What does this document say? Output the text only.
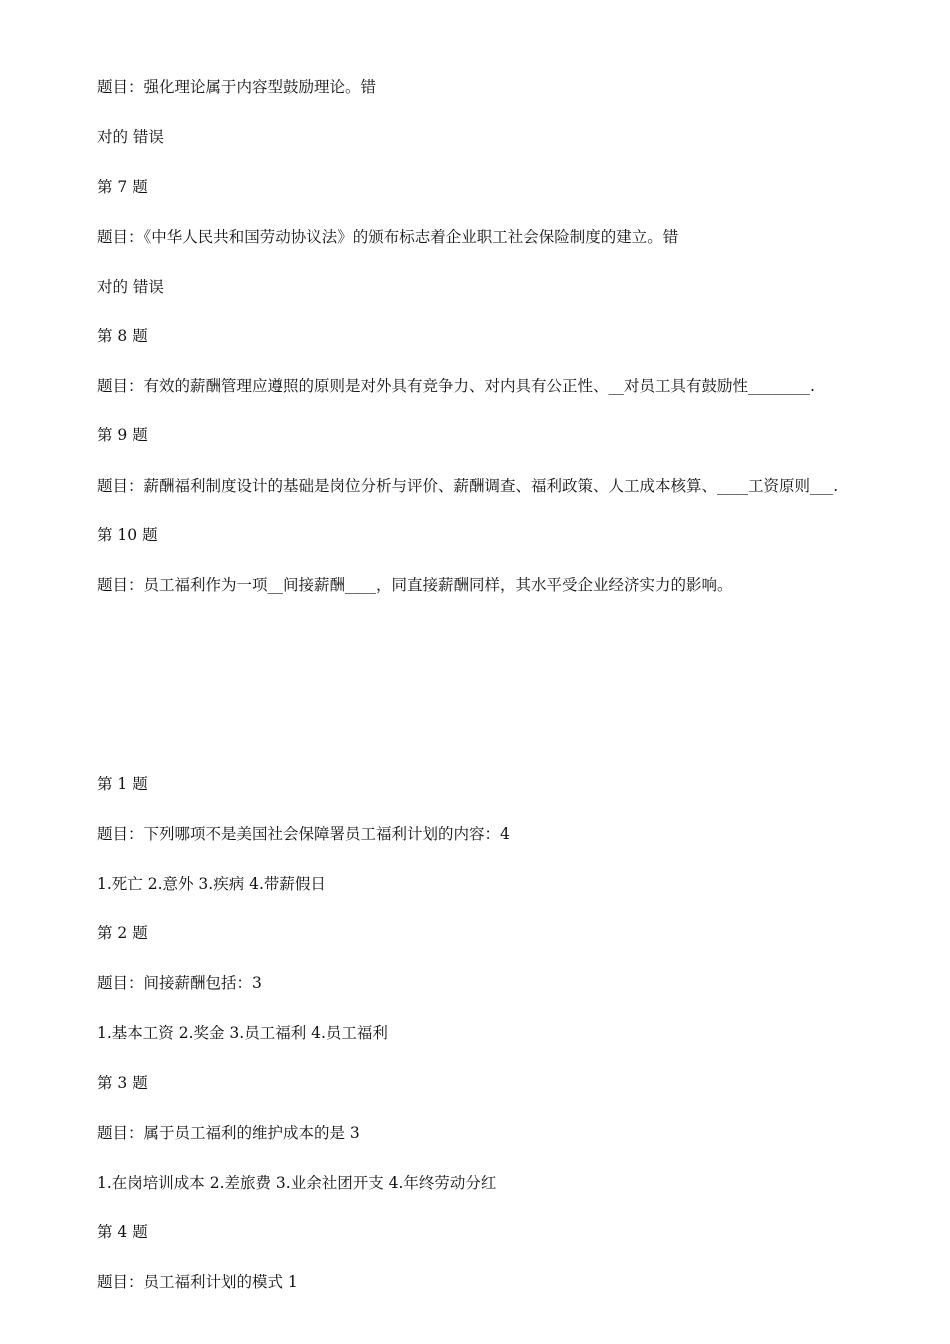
题目：强化理论属于内容型鼓励理论。错
对的 错误
第 7 题
题目：《中华人民共和国劳动协议法》的颁布标志着企业职工社会保险制度的建立。错
对的 错误
第 8 题
题目：有效的薪酬管理应遵照的原则是对外具有竞争力、对内具有公正性、__对员工具有鼓励性________.
第 9 题
题目：薪酬福利制度设计的基础是岗位分析与评价、薪酬调查、福利政策、人工成本核算、____工资原则___.
第 10 题
题目：员工福利作为一项__间接薪酬____，同直接薪酬同样，其水平受企业经济实力的影响。
第 1 题
题目：下列哪项不是美国社会保障署员工福利计划的内容：4
1.死亡 2.意外 3.疾病 4.带薪假日
第 2 题
题目：间接薪酬包括：3
1.基本工资 2.奖金 3.员工福利 4.员工福利
第 3 题
题目：属于员工福利的维护成本的是 3
1.在岗培训成本 2.差旅费 3.业余社团开支 4.年终劳动分红
第 4 题
题目：员工福利计划的模式 1
